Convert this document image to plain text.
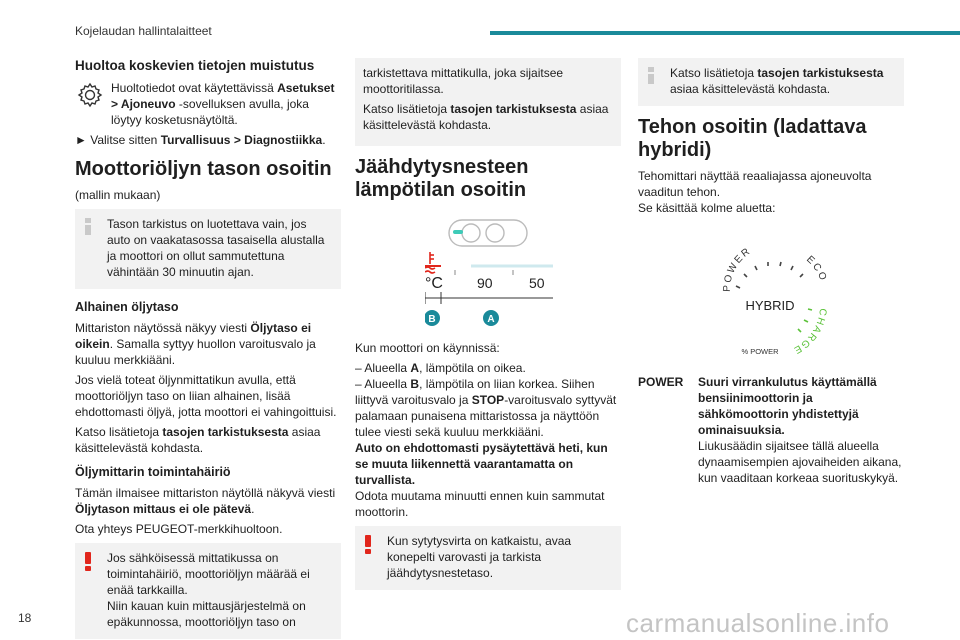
Kojelaudan hallintalaitteet
Huoltoa koskevien tietojen muistutus

Huoltotiedot ovat käytettävissä Asetukset > Ajoneuvo -sovelluksen avulla, joka löytyy kosketusnäytöltä.

► Valitse sitten Turvallisuus > Diagnostiikka.

Moottoriöljyn tason osoitin

(mallin mukaan)

Tason tarkistus on luotettava vain, jos auto on vaakatasossa tasaisella alustalla ja moottori on ollut sammutettuna vähintään 30 minuutin ajan.
Alhainen öljytaso

Mittariston näytössä näkyy viesti Öljytaso ei oikein. Samalla syttyy huollon varoitusvalo ja kuuluu merkkiääni.

Jos vielä toteat öljynmittatikun avulla, että moottoriöljyn taso on liian alhainen, lisää ehdottomasti öljyä, jotta moottori ei vahingoittuisi.

Katso lisätietoja tasojen tarkistuksesta asiaa käsittelevästä kohdasta.

Öljymittarin toimintahäiriö

Tämän ilmaisee mittariston näytöllä näkyvä viesti Öljytason mittaus ei ole pätevä.

Ota yhteys PEUGEOT-merkkihuoltoon.

Jos sähköisessä mittatikussa on toimintahäiriö, moottoriöljyn määrää ei enää tarkkailla.
Niin kauan kuin mittausjärjestelmä on epäkunnossa, moottoriöljyn taso on

tarkistettava mittatikulla, joka sijaitsee moottoritilassa.

Katso lisätietoja tasojen tarkistuksesta asiaa käsittelevästä kohdasta.

Jäähdytysnesteen lämpötilan osoitin
°C 90	50
B	A

Kun moottori on käynnissä:

– Alueella A, lämpötila on oikea.

– Alueella B, lämpötila on liian korkea. Siihen liittyvä varoitusvalo ja STOP-varoitusvalo syttyvät palamaan punaisena mittaristossa ja näyttöön tulee viesti sekä kuuluu merkkiääni.

Auto on ehdottomasti pysäytettävä heti, kun se muuta liikennettä vaarantamatta on turvallista.

Odota muutama minuutti ennen kuin sammutat moottorin.

Kun sytytysvirta on katkaistu, avaa konepelti varovasti ja tarkista jäähdytysnestetaso.
Katso lisätietoja tasojen tarkistuksesta asiaa käsittelevästä kohdasta.
Tehon osoitin (ladattava hybridi)

Tehomittari näyttää reaaliajassa ajoneuvolta vaaditun tehon.

Se käsittää kolme aluetta:

POWER
ECO
CHARGE
HYBRID
% POWER
POWER	Suuri virrankulutus käyttämällä bensiinimoottorin ja sähkömoottorin yhdistettyjä ominaisuuksia.

Liukusäädin sijaitsee tällä alueella dynaamisempien ajovaiheiden aikana, kun vaaditaan korkeaa suorituskykyä.

18	carmanualsonline.info
